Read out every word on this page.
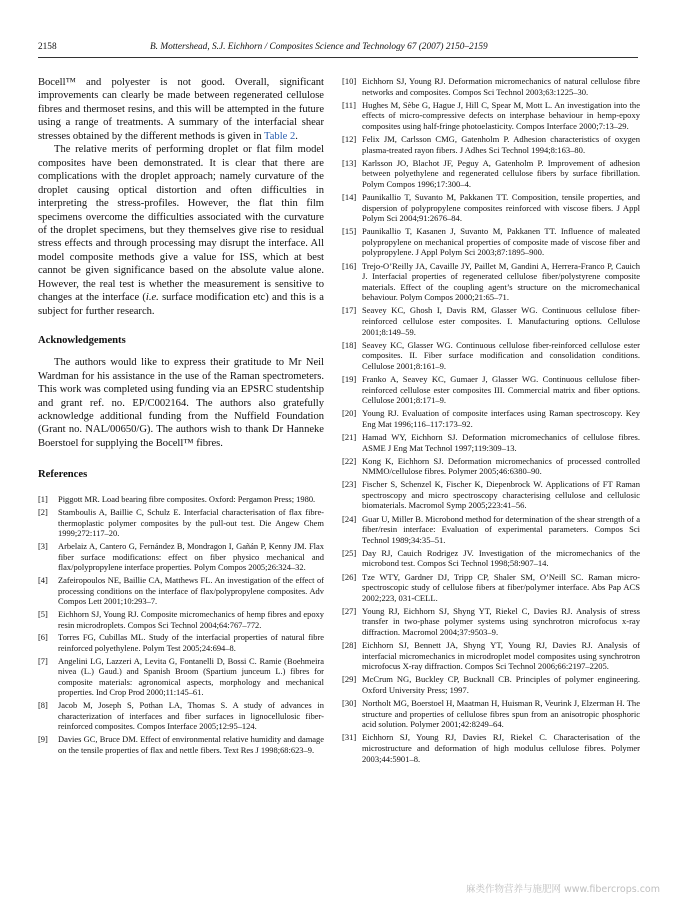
2158	B. Mottershead, S.J. Eichhorn / Composites Science and Technology 67 (2007) 2150–2159

Bocell™ and polyester is not good. Overall, significant improvements can clearly be made between regenerated cellulose fibres and thermoset resins, and this will be attempted in the future using a range of treatments. A summary of the interfacial shear stresses obtained by the different methods is given in Table 2.

The relative merits of performing droplet or flat film model composites have been demonstrated. It is clear that there are complications with the droplet approach; namely curvature of the droplet causing optical distortion and often difficulties in interpreting the stress-profiles. However, the flat thin film specimens overcome the difficulties associated with the curvature of the droplet specimens, but they themselves give rise to residual stress effects and through processing may disrupt the interface. All model composite methods give a value for ISS, which at best cannot be given significance based on the absolute value alone. However, the real test is whether the measurement is sensitive to changes at the interface (i.e. surface modification etc) and this is a subject for further research.

Acknowledgements

The authors would like to express their gratitude to Mr Neil Wardman for his assistance in the use of the Raman spectrometers. This work was completed using funding via an EPSRC studentship and grant ref. no. EP/C002164. The authors also gratefully acknowledge additional funding from the Nuffield Foundation (Grant no. NAL/00650/G). The authors wish to thank Dr Hanneke Boerstoel for supplying the Bocell™ fibres.

References
[1] Piggott MR. Load bearing fibre composites. Oxford: Pergamon Press; 1980.
[2] Stamboulis A, Baillie C, Schulz E. Interfacial characterisation of flax fibre-thermoplastic polymer composites by the pull-out test. Die Angew Chem 1999;272:117–20.
[3] Arbelaiz A, Cantero G, Fernández B, Mondragon I, Gañán P, Kenny JM. Flax fiber surface modifications: effect on fiber physico mechanical and flax/polypropylene interface properties. Polym Compos 2005;26:324–32.
[4] Zafeiropoulos NE, Baillie CA, Matthews FL. An investigation of the effect of processing conditions on the interface of flax/polypropylene composites. Adv Compos Lett 2001;10:293–7.
[5] Eichhorn SJ, Young RJ. Composite micromechanics of hemp fibres and epoxy resin microdroplets. Compos Sci Technol 2004;64:767–772.
[6] Torres FG, Cubillas ML. Study of the interfacial properties of natural fibre reinforced polyethylene. Polym Test 2005;24:694–8.
[7] Angelini LG, Lazzeri A, Levita G, Fontanelli D, Bossi C. Ramie (Boehmeira nivea (L.) Gaud.) and Spanish Broom (Spartium junceum L.) fibres for composite materials: agronomical aspects, morphology and mechanical properties. Ind Crop Prod 2000;11:145–61.
[8] Jacob M, Joseph S, Pothan LA, Thomas S. A study of advances in characterization of interfaces and fiber surfaces in lignocellulosic fiber-reinforced composites. Compos Interface 2005;12:95–124.
[9] Davies GC, Bruce DM. Effect of environmental relative humidity and damage on the tensile properties of flax and nettle fibers. Text Res J 1998;68:623–9.
[10] Eichhorn SJ, Young RJ. Deformation micromechanics of natural cellulose fibre networks and composites. Compos Sci Technol 2003;63:1225–30.
[11] Hughes M, Sèbe G, Hague J, Hill C, Spear M, Mott L. An investigation into the effects of micro-compressive defects on interphase behaviour in hemp-epoxy composites using half-fringe photoelasticity. Compos Interface 2000;7:13–29.
[12] Felix JM, Carlsson CMG, Gatenholm P. Adhesion characteristics of oxygen plasma-treated rayon fibers. J Adhes Sci Technol 1994;8:163–80.
[13] Karlsson JO, Blachot JF, Peguy A, Gatenholm P. Improvement of adhesion between polyethylene and regenerated cellulose fibers by surface fibrillation. Polym Compos 1996;17:300–4.
[14] Paunikallio T, Suvanto M, Pakkanen TT. Composition, tensile properties, and dispersion of polypropylene composites reinforced with viscose fibers. J Appl Polym Sci 2004;91:2676–84.
[15] Paunikallio T, Kasanen J, Suvanto M, Pakkanen TT. Influence of maleated polypropylene on mechanical properties of composite made of viscose fiber and polypropylene. J Appl Polym Sci 2003;87:1895–900.
[16] Trejo-O’Reilly JA, Cavaille JY, Paillet M, Gandini A, Herrera-Franco P, Cauich J. Interfacial properties of regenerated cellulose fiber/polystyrene composite materials. Effect of the coupling agent’s structure on the micromechanical behaviour. Polym Compos 2000;21:65–71.
[17] Seavey KC, Ghosh I, Davis RM, Glasser WG. Continuous cellulose fiber-reinforced cellulose ester composites. I. Manufacturing options. Cellulose 2001;8:149–59.
[18] Seavey KC, Glasser WG. Continuous cellulose fiber-reinforced cellulose ester composites. II. Fiber surface modification and consolidation conditions. Cellulose 2001;8:161–9.
[19] Franko A, Seavey KC, Gumaer J, Glasser WG. Continuous cellulose fiber-reinforced cellulose ester composites III. Commercial matrix and fiber options. Cellulose 2001;8:171–9.
[20] Young RJ. Evaluation of composite interfaces using Raman spectroscopy. Key Eng Mat 1996;116–117:173–92.
[21] Hamad WY, Eichhorn SJ. Deformation micromechanics of cellulose fibres. ASME J Eng Mat Technol 1997;119:309–13.
[22] Kong K, Eichhorn SJ. Deformation micromechanics of processed controlled NMMO/cellulose fibres. Polymer 2005;46:6380–90.
[23] Fischer S, Schenzel K, Fischer K, Diepenbrock W. Applications of FT Raman spectroscopy and micro spectroscopy characterising cellulose and cellulosic biomaterials. Macromol Symp 2005;223:41–56.
[24] Guar U, Miller B. Microbond method for determination of the shear strength of a fiber/resin interface: Evaluation of experimental parameters. Compos Sci Technol 1989;34:35–51.
[25] Day RJ, Cauich Rodrigez JV. Investigation of the micromechanics of the microbond test. Compos Sci Technol 1998;58:907–14.
[26] Tze WTY, Gardner DJ, Tripp CP, Shaler SM, O’Neill SC. Raman micro-spectroscopic study of cellulose fibers at fiber/polymer interface. Abs Pap ACS 2002;223, 031-CELL.
[27] Young RJ, Eichhorn SJ, Shyng YT, Riekel C, Davies RJ. Analysis of stress transfer in two-phase polymer systems using synchrotron microfocus x-ray diffraction. Macromol 2004;37:9503–9.
[28] Eichhorn SJ, Bennett JA, Shyng YT, Young RJ, Davies RJ. Analysis of interfacial micromechanics in microdroplet model composites using synchrotron microfocus X-ray diffraction. Compos Sci Technol 2006;66:2197–2205.
[29] McCrum NG, Buckley CP, Bucknall CB. Principles of polymer engineering. Oxford University Press; 1997.
[30] Northolt MG, Boerstoel H, Maatman H, Huisman R, Veurink J, Elzerman H. The structure and properties of cellulose fibres spun from an anisotropic phosphoric acid solution. Polymer 2001;42:8249–64.
[31] Eichhorn SJ, Young RJ, Davies RJ, Riekel C. Characterisation of the microstructure and deformation of high modulus cellulose fibres. Polymer 2003;44:5901–8.
麻类作物营养与施肥网 www.fibercrops.com
